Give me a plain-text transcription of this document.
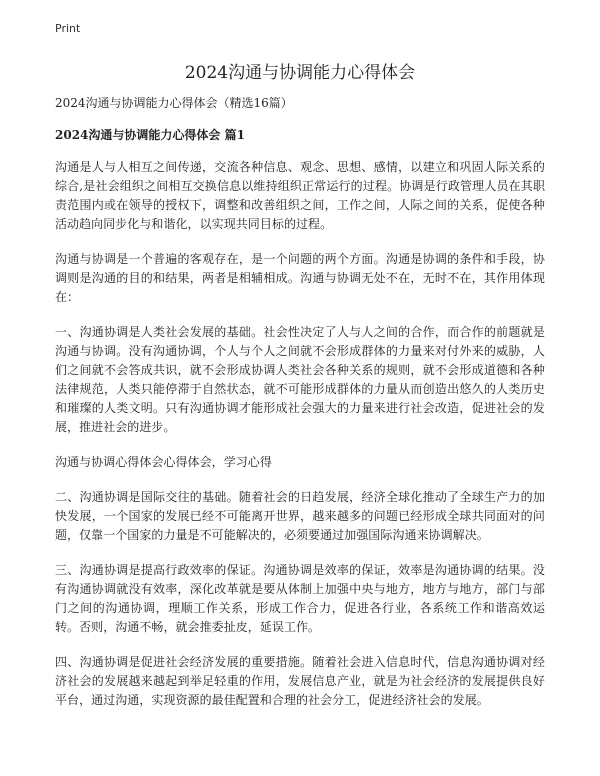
Print
2024沟通与协调能力心得体会

2024沟通与协调能力心得体会（精选16篇）

2024沟通与协调能力心得体会 篇1

沟通是人与人相互之间传递，交流各种信息、观念、思想、感情，以建立和巩固人际关系的综合,是社会组织之间相互交换信息以维持组织正常运行的过程。协调是行政管理人员在其职责范围内或在领导的授权下，调整和改善组织之间，工作之间，人际之间的关系，促使各种活动趋向同步化与和谐化，以实现共同目标的过程。

沟通与协调是一个普遍的客观存在，是一个问题的两个方面。沟通是协调的条件和手段，协调则是沟通的目的和结果，两者是相辅相成。沟通与协调无处不在，无时不在，其作用体现在：

一、沟通协调是人类社会发展的基础。社会性决定了人与人之间的合作，而合作的前题就是沟通与协调。没有沟通协调，个人与个人之间就不会形成群体的力量来对付外来的威胁，人们之间就不会答成共识，就不会形成协调人类社会各种关系的规则，就不会形成道德和各种法律规范，人类只能停滞于自然状态，就不可能形成群体的力量从而创造出悠久的人类历史和璀璨的人类文明。只有沟通协调才能形成社会强大的力量来进行社会改造，促进社会的发展，推进社会的进步。

沟通与协调心得体会心得体会，学习心得

二、沟通协调是国际交往的基础。随着社会的日趋发展，经济全球化推动了全球生产力的加快发展，一个国家的发展已经不可能离开世界，越来越多的问题已经形成全球共同面对的问题，仅靠一个国家的力量是不可能解决的，必须要通过加强国际沟通来协调解决。

三、沟通协调是提高行政效率的保证。沟通协调是效率的保证，效率是沟通协调的结果。没有沟通协调就没有效率，深化改革就是要从体制上加强中央与地方，地方与地方，部门与部门之间的沟通协调，理顺工作关系，形成工作合力，促进各行业，各系统工作和谐高效运转。否则，沟通不畅，就会推委扯皮，延误工作。

四、沟通协调是促进社会经济发展的重要措施。随着社会进入信息时代，信息沟通协调对经济社会的发展越来越起到举足轻重的作用，发展信息产业，就是为社会经济的发展提供良好平台，通过沟通，实现资源的最佳配置和合理的社会分工，促进经济社会的发展。
